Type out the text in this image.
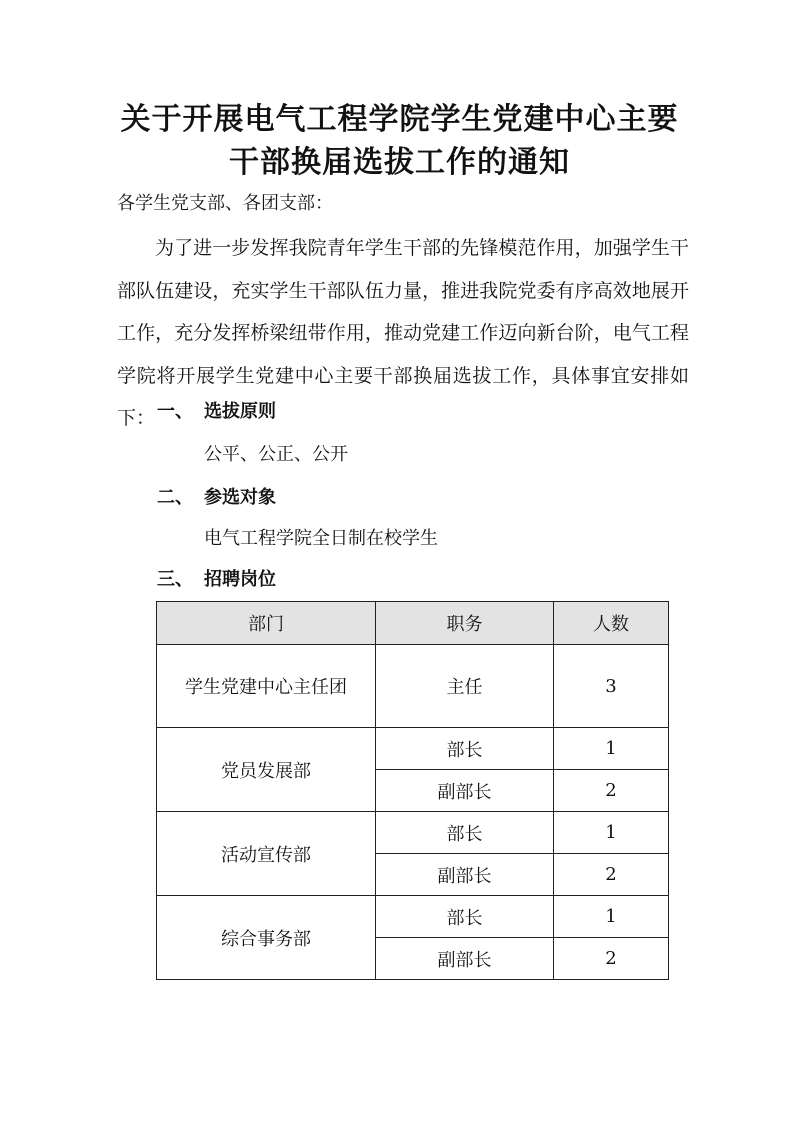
关于开展电气工程学院学生党建中心主要
干部换届选拔工作的通知
各学生党支部、各团支部：
为了进一步发挥我院青年学生干部的先锋模范作用，加强学生干部队伍建设，充实学生干部队伍力量，推进我院党委有序高效地展开工作，充分发挥桥梁纽带作用，推动党建工作迈向新台阶，电气工程学院将开展学生党建中心主要干部换届选拔工作，具体事宜安排如下： 一、 选拔原则
公平、公正、公开
二、 参选对象
电气工程学院全日制在校学生
三、 招聘岗位
部门	职务	人数
学生党建中心主任团	主任	3
党员发展部	部长	1
	副部长	2
活动宣传部	部长	1
	副部长	2
综合事务部	部长	1
	副部长	2
